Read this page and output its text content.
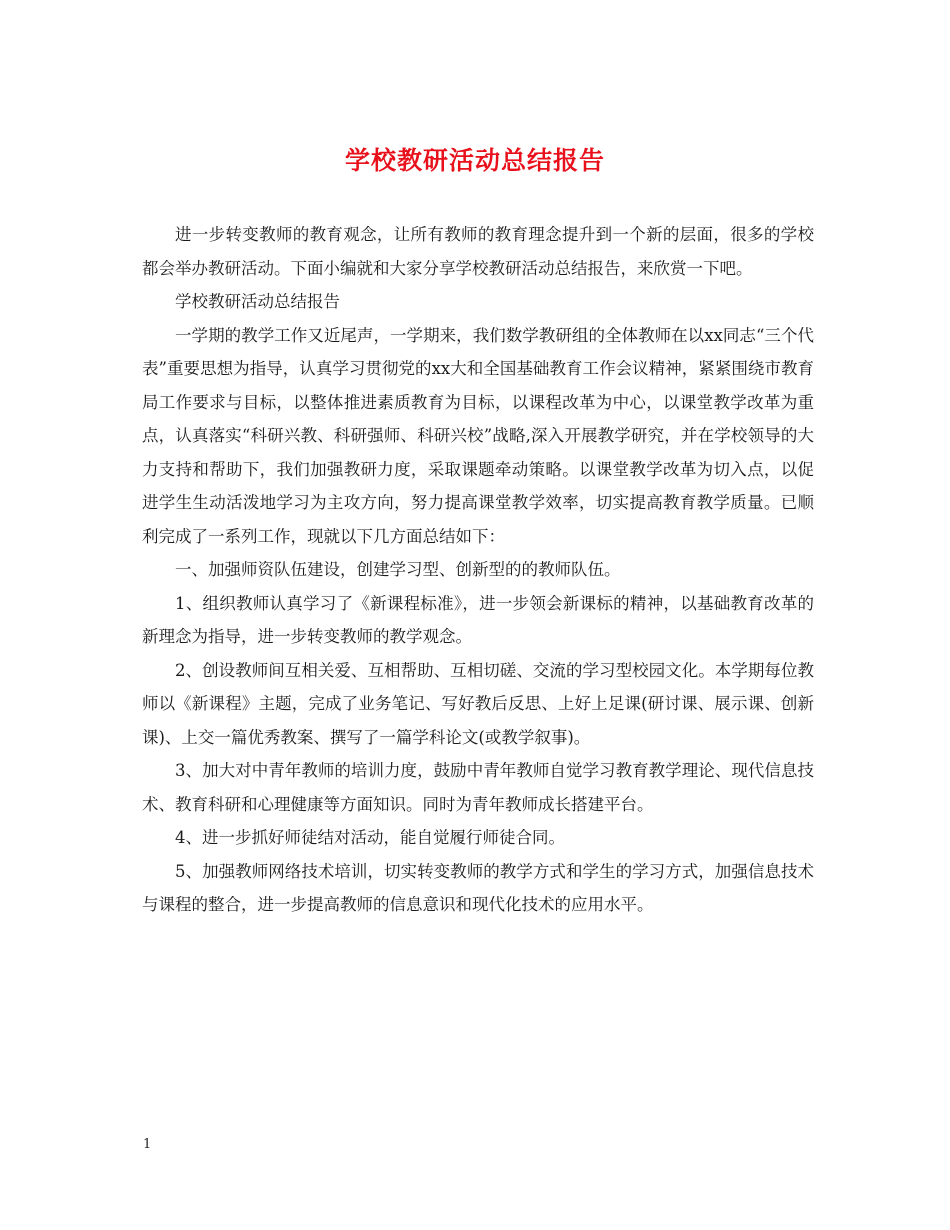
学校教研活动总结报告

进一步转变教师的教育观念，让所有教师的教育理念提升到一个新的层面，很多的学校都会举办教研活动。下面小编就和大家分享学校教研活动总结报告，来欣赏一下吧。

学校教研活动总结报告

一学期的教学工作又近尾声，一学期来，我们数学教研组的全体教师在以xx同志“三个代表”重要思想为指导，认真学习贯彻党的xx大和全国基础教育工作会议精神，紧紧围绕市教育局工作要求与目标，以整体推进素质教育为目标，以课程改革为中心，以课堂教学改革为重点，认真落实“科研兴教、科研强师、科研兴校”战略,深入开展教学研究，并在学校领导的大力支持和帮助下，我们加强教研力度，采取课题牵动策略。以课堂教学改革为切入点，以促进学生生动活泼地学习为主攻方向，努力提高课堂教学效率，切实提高教育教学质量。已顺利完成了一系列工作，现就以下几方面总结如下：

一、加强师资队伍建设，创建学习型、创新型的的教师队伍。

1、组织教师认真学习了《新课程标准》，进一步领会新课标的精神，以基础教育改革的新理念为指导，进一步转变教师的教学观念。

2、创设教师间互相关爱、互相帮助、互相切磋、交流的学习型校园文化。本学期每位教师以《新课程》主题，完成了业务笔记、写好教后反思、上好上足课(研讨课、展示课、创新课)、上交一篇优秀教案、撰写了一篇学科论文(或教学叙事)。

3、加大对中青年教师的培训力度，鼓励中青年教师自觉学习教育教学理论、现代信息技术、教育科研和心理健康等方面知识。同时为青年教师成长搭建平台。

4、进一步抓好师徒结对活动，能自觉履行师徒合同。

5、加强教师网络技术培训，切实转变教师的教学方式和学生的学习方式，加强信息技术与课程的整合，进一步提高教师的信息意识和现代化技术的应用水平。

1
